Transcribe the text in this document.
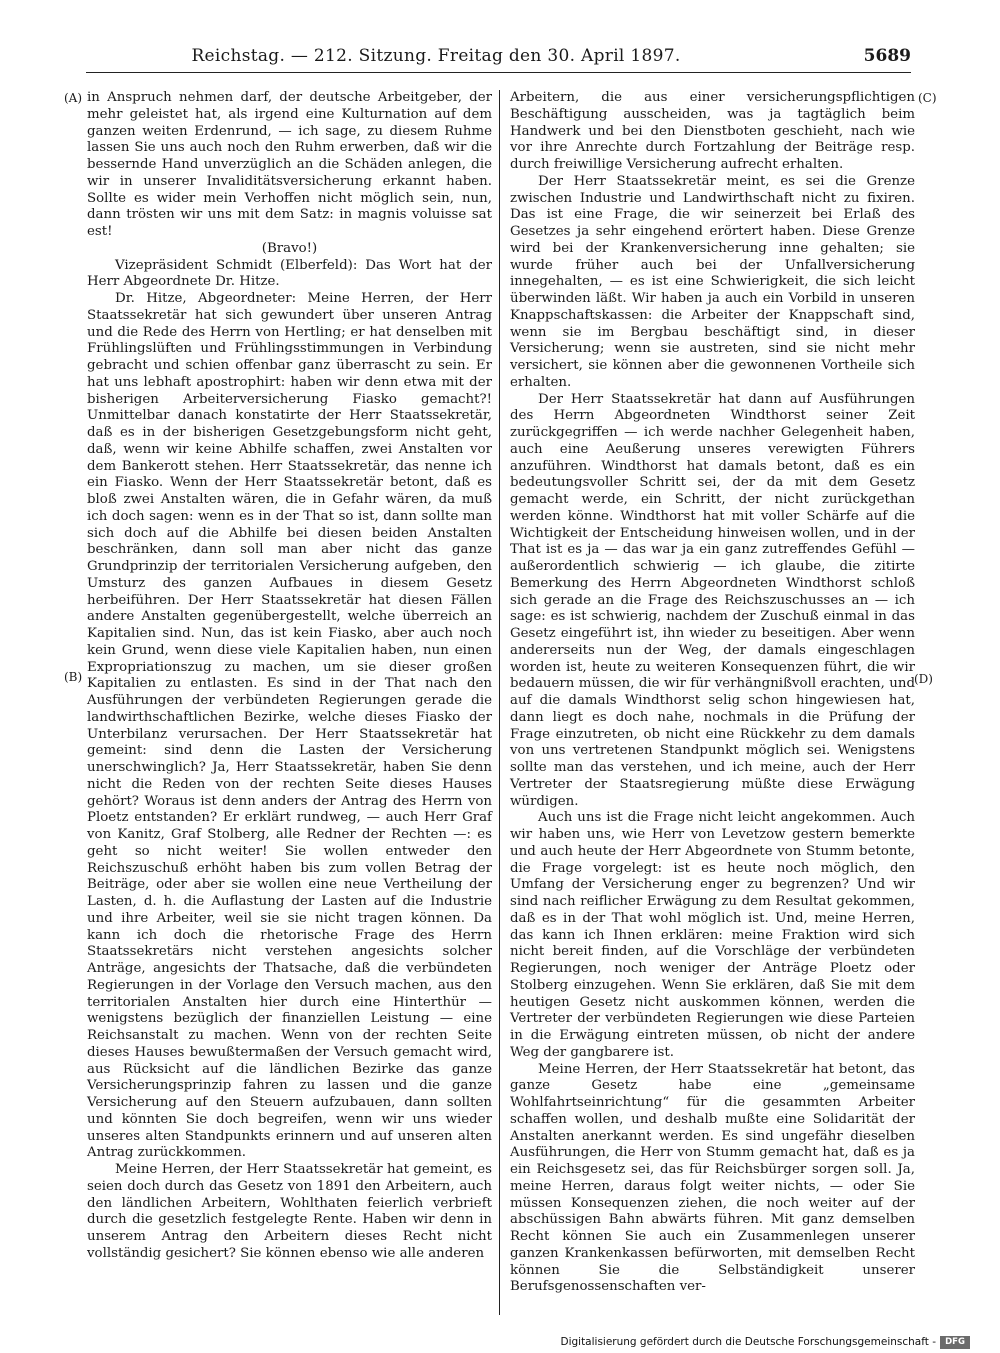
Reichstag. — 212. Sitzung. Freitag den 30. April 1897.	5689
(A)
(B)
(C)
(D)

in Anspruch nehmen darf, der deutsche Arbeitgeber, der mehr geleistet hat, als irgend eine Kulturnation auf dem ganzen weiten Erdenrund, — ich sage, zu diesem Ruhme lassen Sie uns auch noch den Ruhm erwerben, daß wir die bessernde Hand unverzüglich an die Schäden anlegen, die wir in unserer Invaliditätsversicherung erkannt haben. Sollte es wider mein Verhoffen nicht möglich sein, nun, dann trösten wir uns mit dem Satz: in magnis voluisse sat est!

(Bravo!)

Vizepräsident Schmidt (Elberfeld): Das Wort hat der Herr Abgeordnete Dr. Hitze.

Dr. Hitze, Abgeordneter: Meine Herren, der Herr Staatssekretär hat sich gewundert über unseren Antrag und die Rede des Herrn von Hertling; er hat denselben mit Frühlingslüften und Frühlingsstimmungen in Verbindung gebracht und schien offenbar ganz überrascht zu sein. Er hat uns lebhaft apostrophirt: haben wir denn etwa mit der bisherigen Arbeiterversicherung Fiasko gemacht?! Unmittelbar danach konstatirte der Herr Staatssekretär, daß es in der bisherigen Gesetzgebungsform nicht geht, daß, wenn wir keine Abhilfe schaffen, zwei Anstalten vor dem Bankerott stehen. Herr Staatssekretär, das nenne ich ein Fiasko. Wenn der Herr Staatssekretär betont, daß es bloß zwei Anstalten wären, die in Gefahr wären, da muß ich doch sagen: wenn es in der That so ist, dann sollte man sich doch auf die Abhilfe bei diesen beiden Anstalten beschränken, dann soll man aber nicht das ganze Grundprinzip der territorialen Versicherung aufgeben, den Umsturz des ganzen Aufbaues in diesem Gesetz herbeiführen. Der Herr Staatssekretär hat diesen Fällen andere Anstalten gegenübergestellt, welche überreich an Kapitalien sind. Nun, das ist kein Fiasko, aber auch noch kein Grund, wenn diese viele Kapitalien haben, nun einen Expropriationszug zu machen, um sie dieser großen Kapitalien zu entlasten. Es sind in der That nach den Ausführungen der verbündeten Regierungen gerade die landwirthschaftlichen Bezirke, welche dieses Fiasko der Unterbilanz verursachen. Der Herr Staatssekretär hat gemeint: sind denn die Lasten der Versicherung unerschwinglich? Ja, Herr Staatssekretär, haben Sie denn nicht die Reden von der rechten Seite dieses Hauses gehört? Woraus ist denn anders der Antrag des Herrn von Ploetz entstanden? Er erklärt rundweg, — auch Herr Graf von Kanitz, Graf Stolberg, alle Redner der Rechten —: es geht so nicht weiter! Sie wollen entweder den Reichszuschuß erhöht haben bis zum vollen Betrag der Beiträge, oder aber sie wollen eine neue Vertheilung der Lasten, d. h. die Auflastung der Lasten auf die Industrie und ihre Arbeiter, weil sie sie nicht tragen können. Da kann ich doch die rhetorische Frage des Herrn Staatssekretärs nicht verstehen angesichts solcher Anträge, angesichts der Thatsache, daß die verbündeten Regierungen in der Vorlage den Versuch machen, aus den territorialen Anstalten hier durch eine Hinterthür — wenigstens bezüglich der finanziellen Leistung — eine Reichsanstalt zu machen. Wenn von der rechten Seite dieses Hauses bewußtermaßen der Versuch gemacht wird, aus Rücksicht auf die ländlichen Bezirke das ganze Versicherungsprinzip fahren zu lassen und die ganze Versicherung auf den Steuern aufzubauen, dann sollten und könnten Sie doch begreifen, wenn wir uns wieder unseres alten Standpunkts erinnern und auf unseren alten Antrag zurückkommen.

Meine Herren, der Herr Staatssekretär hat gemeint, es seien doch durch das Gesetz von 1891 den Arbeitern, auch den ländlichen Arbeitern, Wohlthaten feierlich verbrieft durch die gesetzlich festgelegte Rente. Haben wir denn in unserem Antrag den Arbeitern dieses Recht nicht vollständig gesichert? Sie können ebenso wie alle anderen

Arbeitern, die aus einer versicherungspflichtigen Beschäftigung ausscheiden, was ja tagtäglich beim Handwerk und bei den Dienstboten geschieht, nach wie vor ihre Anrechte durch Fortzahlung der Beiträge resp. durch freiwillige Versicherung aufrecht erhalten.

Der Herr Staatssekretär meint, es sei die Grenze zwischen Industrie und Landwirthschaft nicht zu fixiren. Das ist eine Frage, die wir seinerzeit bei Erlaß des Gesetzes ja sehr eingehend erörtert haben. Diese Grenze wird bei der Krankenversicherung inne gehalten; sie wurde früher auch bei der Unfallversicherung innegehalten, — es ist eine Schwierigkeit, die sich leicht überwinden läßt. Wir haben ja auch ein Vorbild in unseren Knappschaftskassen: die Arbeiter der Knappschaft sind, wenn sie im Bergbau beschäftigt sind, in dieser Versicherung; wenn sie austreten, sind sie nicht mehr versichert, sie können aber die gewonnenen Vortheile sich erhalten.

Der Herr Staatssekretär hat dann auf Ausführungen des Herrn Abgeordneten Windthorst seiner Zeit zurückgegriffen — ich werde nachher Gelegenheit haben, auch eine Aeußerung unseres verewigten Führers anzuführen. Windthorst hat damals betont, daß es ein bedeutungsvoller Schritt sei, der da mit dem Gesetz gemacht werde, ein Schritt, der nicht zurückgethan werden könne. Windthorst hat mit voller Schärfe auf die Wichtigkeit der Entscheidung hinweisen wollen, und in der That ist es ja — das war ja ein ganz zutreffendes Gefühl — außerordentlich schwierig — ich glaube, die zitirte Bemerkung des Herrn Abgeordneten Windthorst schloß sich gerade an die Frage des Reichszuschusses an — ich sage: es ist schwierig, nachdem der Zuschuß einmal in das Gesetz eingeführt ist, ihn wieder zu beseitigen. Aber wenn andererseits nun der Weg, der damals eingeschlagen worden ist, heute zu weiteren Konsequenzen führt, die wir bedauern müssen, die wir für verhängnißvoll erachten, und auf die damals Windthorst selig schon hingewiesen hat, dann liegt es doch nahe, nochmals in die Prüfung der Frage einzutreten, ob nicht eine Rückkehr zu dem damals von uns vertretenen Standpunkt möglich sei. Wenigstens sollte man das verstehen, und ich meine, auch der Herr Vertreter der Staatsregierung müßte diese Erwägung würdigen.

Auch uns ist die Frage nicht leicht angekommen. Auch wir haben uns, wie Herr von Levetzow gestern bemerkte und auch heute der Herr Abgeordnete von Stumm betonte, die Frage vorgelegt: ist es heute noch möglich, den Umfang der Versicherung enger zu begrenzen? Und wir sind nach reiflicher Erwägung zu dem Resultat gekommen, daß es in der That wohl möglich ist. Und, meine Herren, das kann ich Ihnen erklären: meine Fraktion wird sich nicht bereit finden, auf die Vorschläge der verbündeten Regierungen, noch weniger der Anträge Ploetz oder Stolberg einzugehen. Wenn Sie erklären, daß Sie mit dem heutigen Gesetz nicht auskommen können, werden die Vertreter der verbündeten Regierungen wie diese Parteien in die Erwägung eintreten müssen, ob nicht der andere Weg der gangbarere ist.

Meine Herren, der Herr Staatssekretär hat betont, das ganze Gesetz habe eine „gemeinsame Wohlfahrtseinrichtung“ für die gesammten Arbeiter schaffen wollen, und deshalb mußte eine Solidarität der Anstalten anerkannt werden. Es sind ungefähr dieselben Ausführungen, die Herr von Stumm gemacht hat, daß es ja ein Reichsgesetz sei, das für Reichsbürger sorgen soll. Ja, meine Herren, daraus folgt weiter nichts, — oder Sie müssen Konsequenzen ziehen, die noch weiter auf der abschüssigen Bahn abwärts führen. Mit ganz demselben Recht können Sie auch ein Zusammenlegen unserer ganzen Krankenkassen befürworten, mit demselben Recht können Sie die Selbständigkeit unserer Berufsgenossenschaften ver-

Digitalisierung gefördert durch die Deutsche Forschungsgemeinschaft -	DFG
